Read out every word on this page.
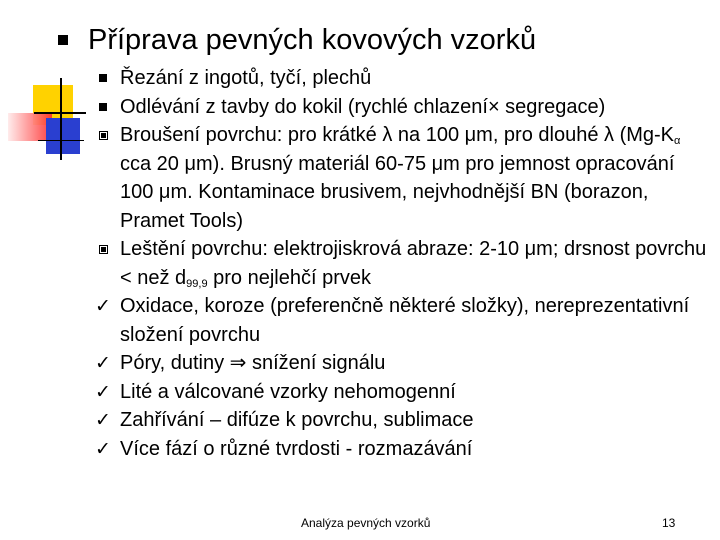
Příprava pevných kovových vzorků
Řezání z ingotů, tyčí, plechů
Odlévání z tavby do kokil (rychlé chlazení× segregace)
Broušení povrchu: pro krátké λ na 100 μm, pro dlouhé λ ($Mg-K_\alpha$ cca 20 μm). Brusný materiál 60-75 μm pro jemnost opracování 100 μm. Kontaminace brusivem, nejvhodnější BN (borazon, Pramet Tools)
Leštění povrchu: elektrojiskrová abraze: 2-10 μm; drsnost povrchu < než $d_{99,9}$ pro nejlehčí prvek
✓ Oxidace, koroze (preferenčně některé složky), nereprezentativní složení povrchu
✓ Póry, dutiny ⇒ snížení signálu
✓ Lité a válcované vzorky nehomogenní
✓ Zahřívání – difúze k povrchu, sublimace
✓ Více fází o různé tvrdosti - rozmazávání
Analýza pevných vzorků	13
